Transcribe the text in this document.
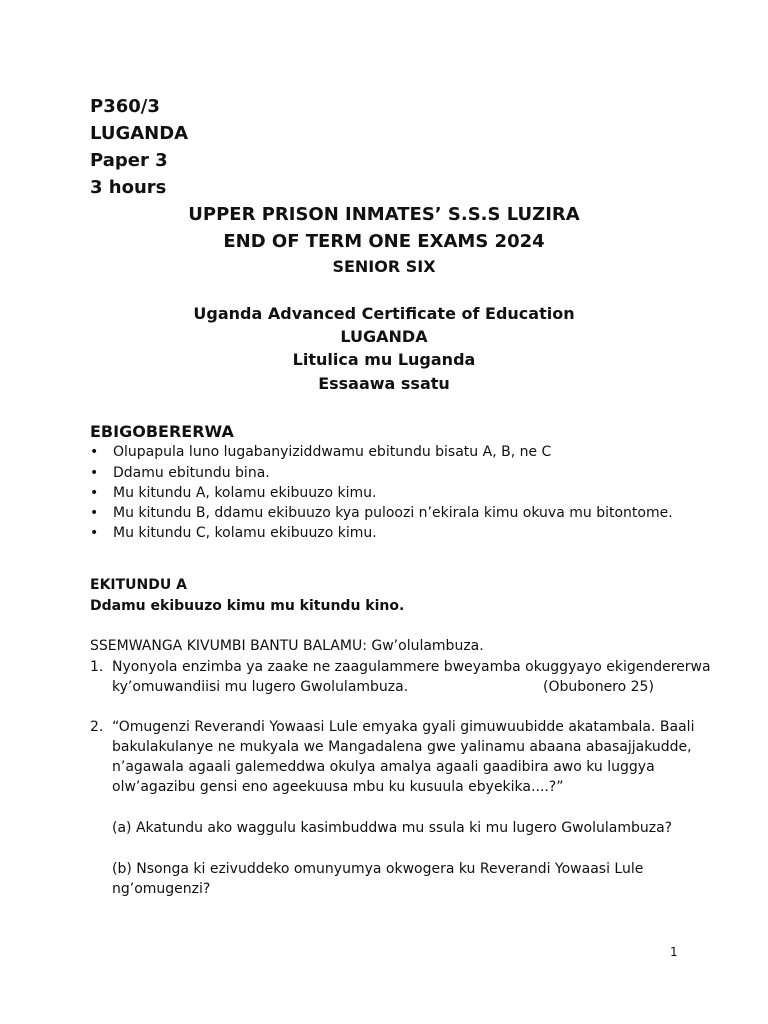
P360/3
LUGANDA
Paper 3
3 hours
UPPER PRISON INMATES’ S.S.S LUZIRA
END OF TERM ONE EXAMS 2024
SENIOR SIX
Uganda Advanced Certificate of Education
LUGANDA
Litulica mu Luganda
Essaawa ssatu
EBIGOBERERWA
• Olupapula luno lugabanyiziddwamu ebitundu bisatu A, B, ne C
• Ddamu ebitundu bina.
• Mu kitundu A, kolamu ekibuuzo kimu.
• Mu kitundu B, ddamu ekibuuzo kya puloozi n’ekirala kimu okuva mu bitontome.
• Mu kitundu C, kolamu ekibuuzo kimu.
EKITUNDU A
Ddamu ekibuuzo kimu mu kitundu kino.
SSEMWANGA KIVUMBI BANTU BALAMU: Gw’olulambuza.
1. Nyonyola enzimba ya zaake ne zaagulammere bweyamba okuggyayo ekigendererwa
ky’omuwandiisi mu lugero Gwolulambuza.	(Obubonero 25)
2. “Omugenzi Reverandi Yowaasi Lule emyaka gyali gimuwuubidde akatambala. Baali
bakulakulanye ne mukyala we Mangadalena gwe yalinamu abaana abasajjakudde,
n’agawala agaali galemeddwa okulya amalya agaali gaadibira awo ku luggya
olw’agazibu gensi eno ageekuusa mbu ku kusuula ebyekika....?”
(a) Akatundu ako waggulu kasimbuddwa mu ssula ki mu lugero Gwolulambuza?
(b) Nsonga ki ezivuddeko omunyumya okwogera ku Reverandi Yowaasi Lule
ng’omugenzi?
1
